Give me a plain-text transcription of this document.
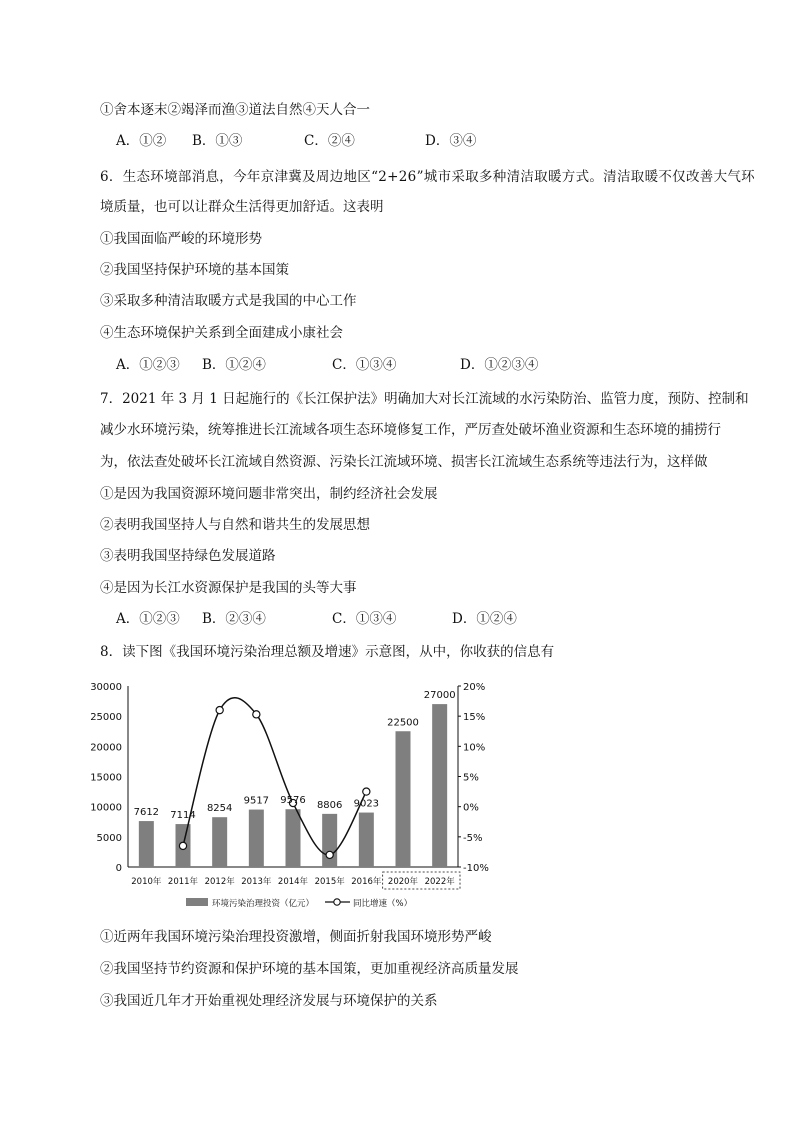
①舍本逐末②竭泽而渔③道法自然④天人合一
A．①② B．①③	C．②④	D．③④
6．生态环境部消息，今年京津冀及周边地区“2+26”城市采取多种清洁取暖方式。清洁取暖不仅改善大气环
境质量，也可以让群众生活得更加舒适。这表明
①我国面临严峻的环境形势
②我国坚持保护环境的基本国策
③采取多种清洁取暖方式是我国的中心工作
④生态环境保护关系到全面建成小康社会
A．①②③ B．①②④	C．①③④	D．①②③④
7．2021 年 3 月 1 日起施行的《长江保护法》明确加大对长江流域的水污染防治、监管力度，预防、控制和
减少水环境污染，统筹推进长江流域各项生态环境修复工作，严厉查处破坏渔业资源和生态环境的捕捞行
为，依法查处破坏长江流域自然资源、污染长江流域环境、损害长江流域生态系统等违法行为，这样做
①是因为我国资源环境问题非常突出，制约经济社会发展
②表明我国坚持人与自然和谐共生的发展思想
③表明我国坚持绿色发展道路
④是因为长江水资源保护是我国的头等大事
A．①②③ B．②③④	C．①③④	D．①②④
8．读下图《我国环境污染治理总额及增速》示意图，从中，你收获的信息有
30000
25000
20000
15000
10000
5000
0
20%
15%
10%
5%
0%
-5%
-10%
7612
2010年
7114
2011年
8254
2012年
9517
2013年
9576
2014年
8806
2015年
9023
2016年
22500
2020年
27000
2022年
环境污染治理投资（亿元）	同比增速（%）
①近两年我国环境污染治理投资激增，侧面折射我国环境形势严峻
②我国坚持节约资源和保护环境的基本国策，更加重视经济高质量发展
③我国近几年才开始重视处理经济发展与环境保护的关系
